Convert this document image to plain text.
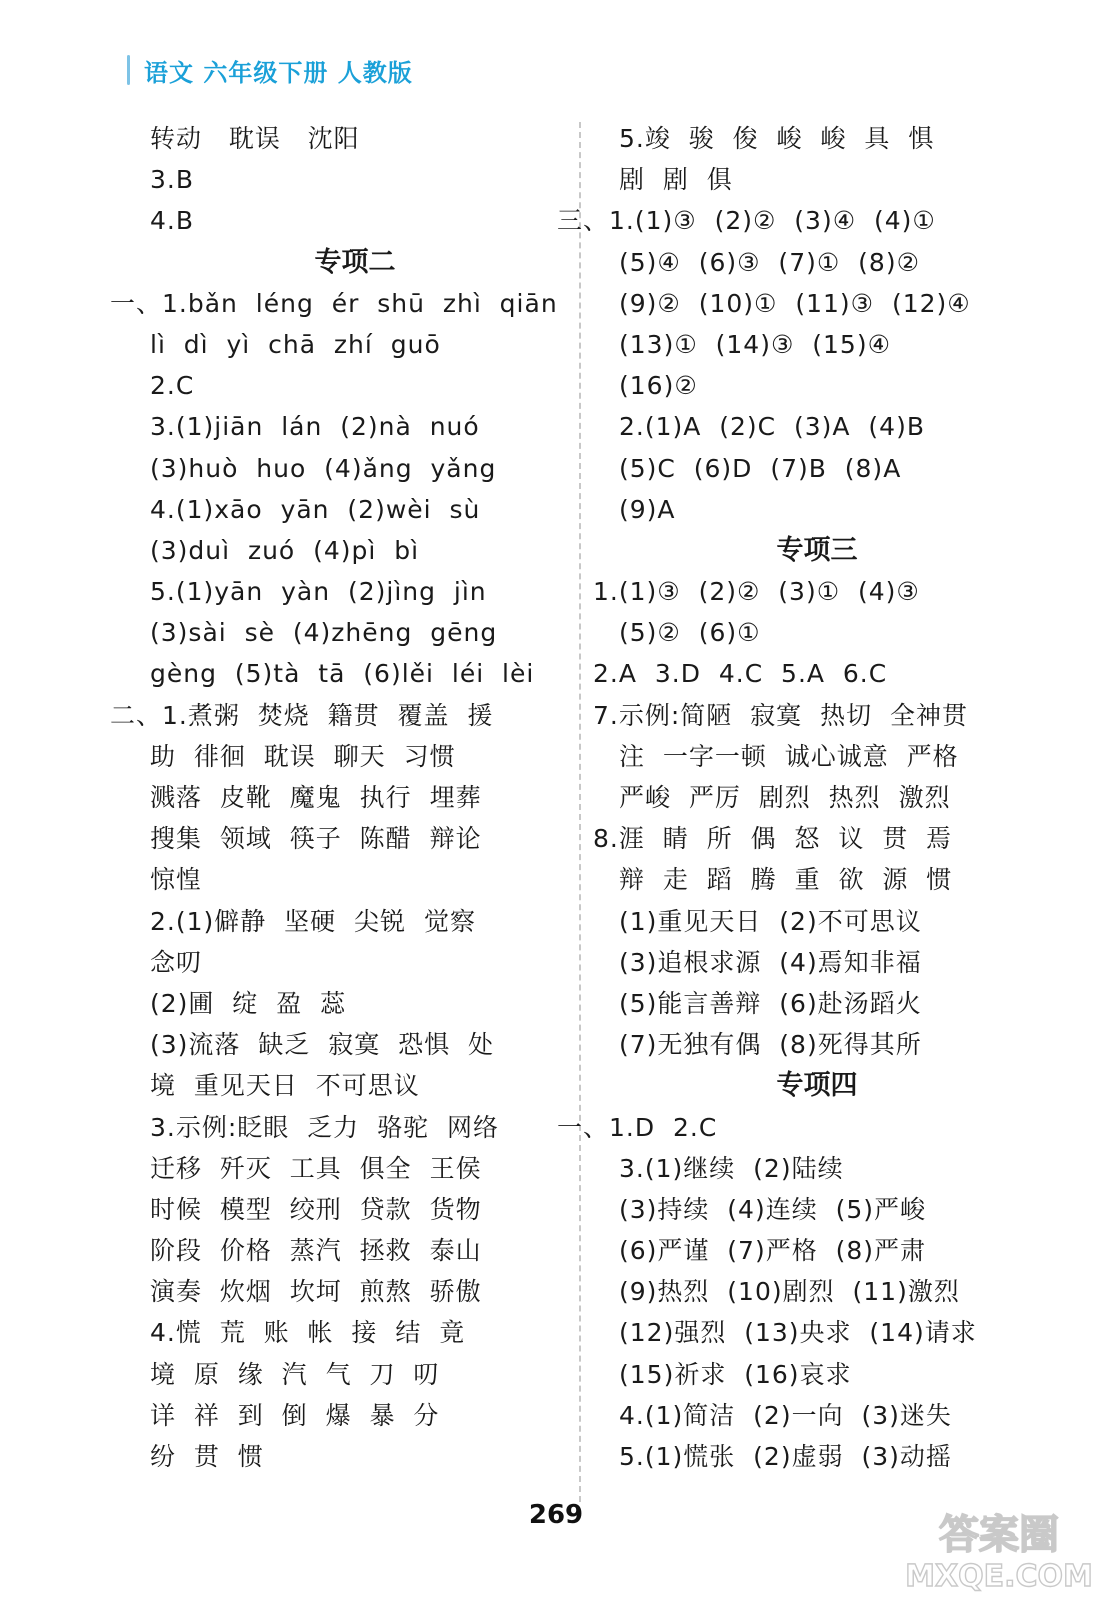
语文 六年级下册 人教版
转动   耽误   沈阳
3.B
4.B
专项二
一、1.bǎn  léng  ér  shū  zhì  qiān
lì  dì  yì  chā  zhí  guō
2.C
3.(1)jiān  lán  (2)nà  nuó
(3)huò  huo  (4)ǎng  yǎng
4.(1)xāo  yān  (2)wèi  sù
(3)duì  zuó  (4)pì  bì
5.(1)yān  yàn  (2)jìng  jìn
(3)sài  sè  (4)zhēng  gēng
gèng  (5)tà  tā  (6)lěi  léi  lèi
二、1.煮粥  焚烧  籍贯  覆盖  援
助  徘徊  耽误  聊天  习惯
溅落  皮靴  魔鬼  执行  埋葬
搜集  领域  筷子  陈醋  辩论
惊惶
2.(1)僻静  坚硬  尖锐  觉察
念叨
(2)圃  绽  盈  蕊
(3)流落  缺乏  寂寞  恐惧  处
境  重见天日  不可思议
3.示例:眨眼  乏力  骆驼  网络
迁移  歼灭  工具  俱全  王侯
时候  模型  绞刑  贷款  货物
阶段  价格  蒸汽  拯救  泰山
演奏  炊烟  坎坷  煎熬  骄傲
4.慌  荒  账  帐  接  结  竟
境  原  缘  汽  气  刀  叨
详  祥  到  倒  爆  暴  分
纷  贯  惯
5.竣  骏  俊  峻  峻  具  惧
剧  剧  俱
三、1.(1)③  (2)②  (3)④  (4)①
(5)④  (6)③  (7)①  (8)②
(9)②  (10)①  (11)③  (12)④
(13)①  (14)③  (15)④
(16)②
2.(1)A  (2)C  (3)A  (4)B
(5)C  (6)D  (7)B  (8)A
(9)A
专项三
1.(1)③  (2)②  (3)①  (4)③
(5)②  (6)①
2.A  3.D  4.C  5.A  6.C
7.示例:简陋  寂寞  热切  全神贯
注  一字一顿  诚心诚意  严格
严峻  严厉  剧烈  热烈  激烈
8.涯  睛  所  偶  怒  议  贯  焉
辩  走  蹈  腾  重  欲  源  惯
(1)重见天日  (2)不可思议
(3)追根求源  (4)焉知非福
(5)能言善辩  (6)赴汤蹈火
(7)无独有偶  (8)死得其所
专项四
一、1.D  2.C
3.(1)继续  (2)陆续
(3)持续  (4)连续  (5)严峻
(6)严谨  (7)严格  (8)严肃
(9)热烈  (10)剧烈  (11)激烈
(12)强烈  (13)央求  (14)请求
(15)祈求  (16)哀求
4.(1)简洁  (2)一向  (3)迷失
5.(1)慌张  (2)虚弱  (3)动摇
269	答案圈
MXQE.COM
